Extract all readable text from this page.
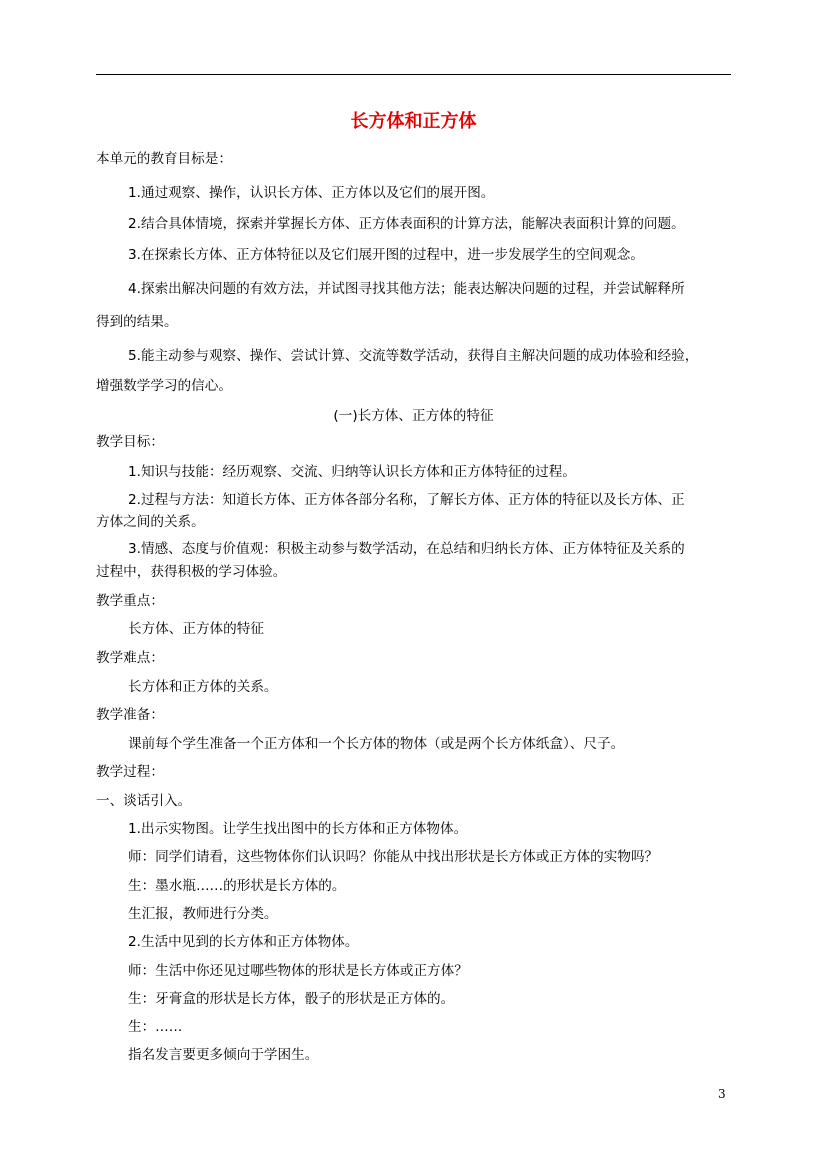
长方体和正方体
本单元的教育目标是：
1.通过观察、操作，认识长方体、正方体以及它们的展开图。
2.结合具体情境，探索并掌握长方体、正方体表面积的计算方法，能解决表面积计算的问题。
3.在探索长方体、正方体特征以及它们展开图的过程中，进一步发展学生的空间观念。
4.探索出解决问题的有效方法，并试图寻找其他方法；能表达解决问题的过程，并尝试解释所
得到的结果。
5.能主动参与观察、操作、尝试计算、交流等数学活动，获得自主解决问题的成功体验和经验，
增强数学学习的信心。
(一)长方体、正方体的特征
教学目标：
1.知识与技能：经历观察、交流、归纳等认识长方体和正方体特征的过程。
2.过程与方法：知道长方体、正方体各部分名称，了解长方体、正方体的特征以及长方体、正
方体之间的关系。
3.情感、态度与价值观：积极主动参与数学活动，在总结和归纳长方体、正方体特征及关系的
过程中，获得积极的学习体验。
教学重点：
长方体、正方体的特征
教学难点：
长方体和正方体的关系。
教学准备：
课前每个学生准备一个正方体和一个长方体的物体（或是两个长方体纸盒）、尺子。
教学过程：
一、谈话引入。
1.出示实物图。让学生找出图中的长方体和正方体物体。
师：同学们请看，这些物体你们认识吗？你能从中找出形状是长方体或正方体的实物吗？
生：墨水瓶……的形状是长方体的。
生汇报，教师进行分类。
2.生活中见到的长方体和正方体物体。
师：生活中你还见过哪些物体的形状是长方体或正方体？
生：牙膏盒的形状是长方体，骰子的形状是正方体的。
生：……
指名发言要更多倾向于学困生。
3
